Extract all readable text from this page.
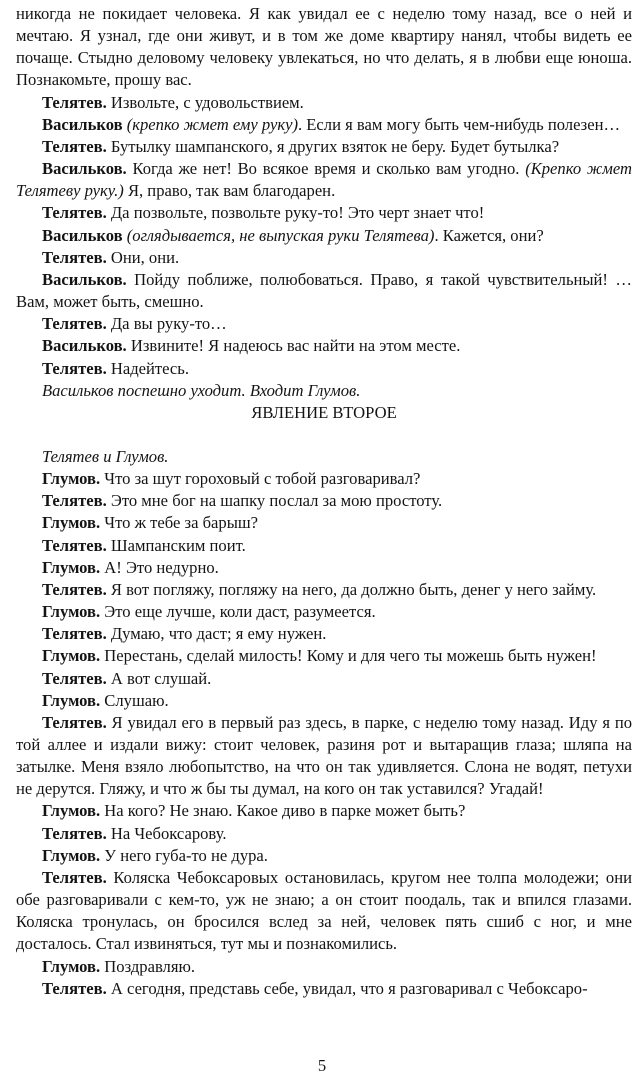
никогда не покидает человека. Я как увидал ее с неделю тому назад, все о ней и мечтаю. Я узнал, где они живут, и в том же доме квартиру нанял, чтобы видеть ее почаще. Стыдно деловому человеку увлекаться, но что делать, я в любви еще юноша. Познакомьте, прошу вас.
Телятев. Извольте, с удовольствием.
Васильков (крепко жмет ему руку). Если я вам могу быть чем-нибудь полезен…
Телятев. Бутылку шампанского, я других взяток не беру. Будет бутылка?
Васильков. Когда же нет! Во всякое время и сколько вам угодно. (Крепко жмет Телятеву руку.) Я, право, так вам благодарен.
Телятев. Да позвольте, позвольте руку-то! Это черт знает что!
Васильков (оглядывается, не выпуская руки Телятева). Кажется, они?
Телятев. Они, они.
Васильков. Пойду поближе, полюбоваться. Право, я такой чувствительный! … Вам, может быть, смешно.
Телятев. Да вы руку-то…
Васильков. Извините! Я надеюсь вас найти на этом месте.
Телятев. Надейтесь.
Васильков поспешно уходит. Входит Глумов.
ЯВЛЕНИЕ ВТОРОЕ
Телятев и Глумов.
Глумов. Что за шут гороховый с тобой разговаривал?
Телятев. Это мне бог на шапку послал за мою простоту.
Глумов. Что ж тебе за барыш?
Телятев. Шампанским поит.
Глумов. А! Это недурно.
Телятев. Я вот погляжу, погляжу на него, да должно быть, денег у него займу.
Глумов. Это еще лучше, коли даст, разумеется.
Телятев. Думаю, что даст; я ему нужен.
Глумов. Перестань, сделай милость! Кому и для чего ты можешь быть нужен!
Телятев. А вот слушай.
Глумов. Слушаю.
Телятев. Я увидал его в первый раз здесь, в парке, с неделю тому назад. Иду я по той аллее и издали вижу: стоит человек, разиня рот и вытаращив глаза; шляпа на затылке. Меня взяло любопытство, на что он так удивляется. Слона не водят, петухи не дерутся. Гляжу, и что ж бы ты думал, на кого он так уставился? Угадай!
Глумов. На кого? Не знаю. Какое диво в парке может быть?
Телятев. На Чебоксарову.
Глумов. У него губа-то не дура.
Телятев. Коляска Чебоксаровых остановилась, кругом нее толпа молодежи; они обе разговаривали с кем-то, уж не знаю; а он стоит поодаль, так и впился глазами. Коляска тронулась, он бросился вслед за ней, человек пять сшиб с ног, и мне досталось. Стал извиняться, тут мы и познакомились.
Глумов. Поздравляю.
Телятев. А сегодня, представь себе, увидал, что я разговаривал с Чебоксаро-
5
